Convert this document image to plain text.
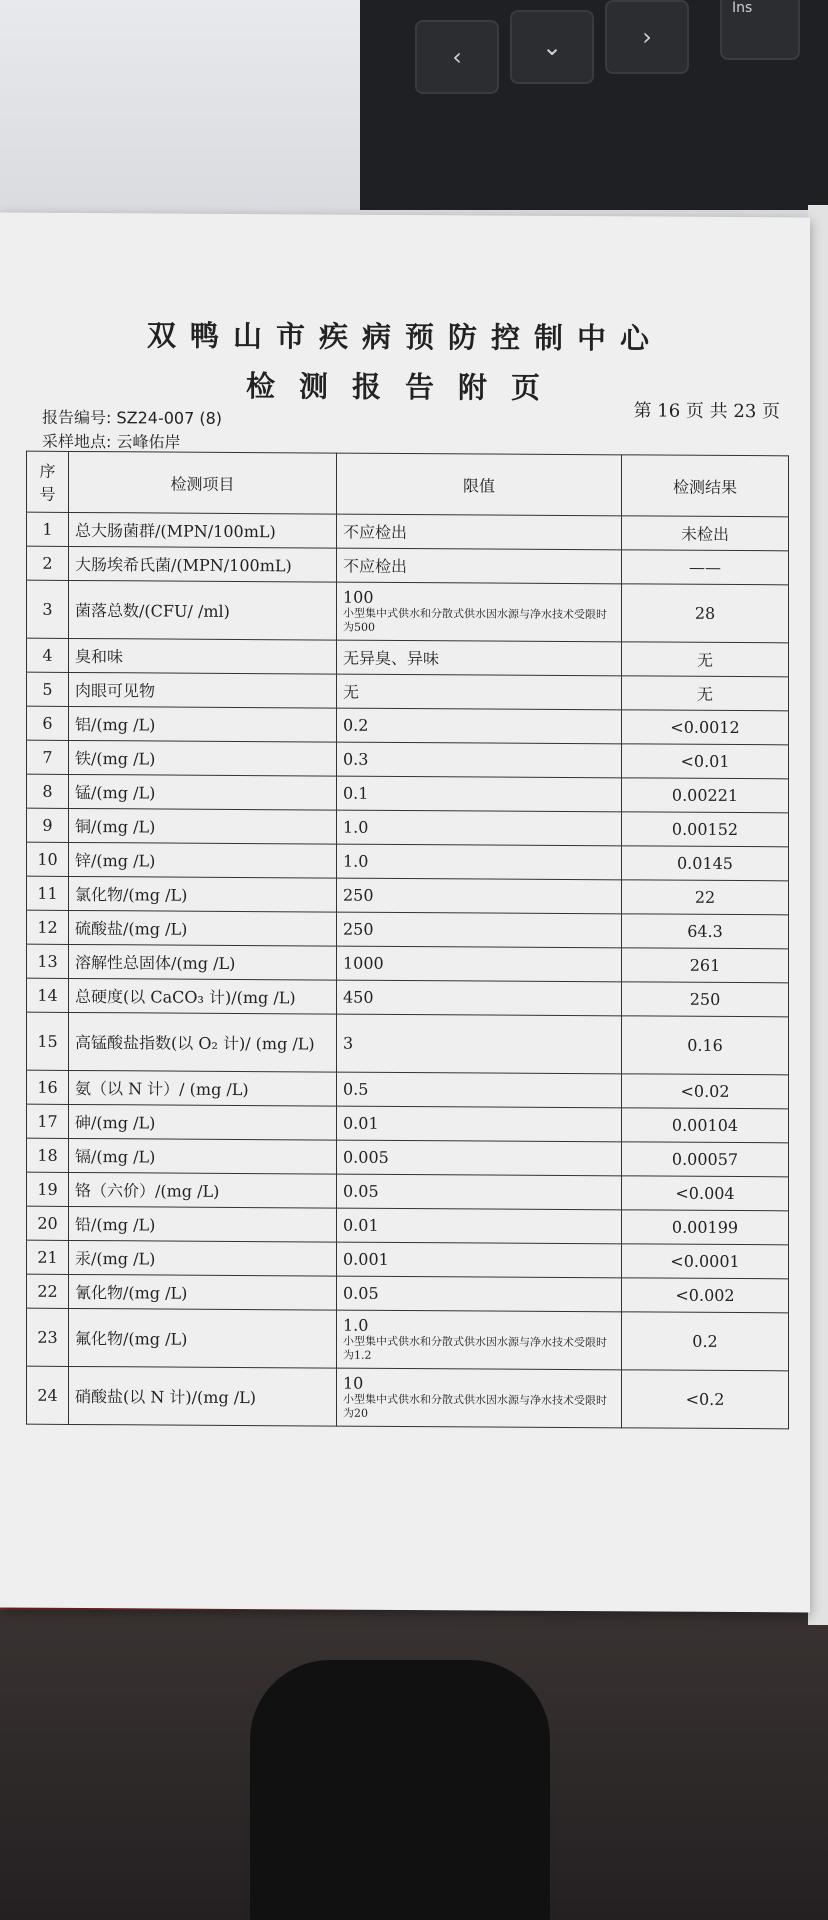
‹	⌄	›
Ins
双鸭山市疾病预防控制中心
检测报告附页
报告编号: SZ24-007 (8)	第 16 页 共 23 页
采样地点: 云峰佑岸
序号	检测项目	限值	检测结果
1	总大肠菌群/(MPN/100mL)	不应检出	未检出
2	大肠埃希氏菌/(MPN/100mL)	不应检出	——
3	菌落总数/(CFU/ /ml)	100
小型集中式供水和分散式供水因水源与净水技术受限时为500	28
4	臭和味	无异臭、异味	无
5	肉眼可见物	无	无
6	铝/(mg /L)	0.2	<0.0012
7	铁/(mg /L)	0.3	<0.01
8	锰/(mg /L)	0.1	0.00221
9	铜/(mg /L)	1.0	0.00152
10	锌/(mg /L)	1.0	0.0145
11	氯化物/(mg /L)	250	22
12	硫酸盐/(mg /L)	250	64.3
13	溶解性总固体/(mg /L)	1000	261
14	总硬度(以 CaCO₃ 计)/(mg /L)	450	250
15	高锰酸盐指数(以 O₂ 计)/ (mg /L)	3	0.16
16	氨（以 N 计）/ (mg /L)	0.5	<0.02
17	砷/(mg /L)	0.01	0.00104
18	镉/(mg /L)	0.005	0.00057
19	铬（六价）/(mg /L)	0.05	<0.004
20	铅/(mg /L)	0.01	0.00199
21	汞/(mg /L)	0.001	<0.0001
22	氰化物/(mg /L)	0.05	<0.002
23	氟化物/(mg /L)	1.0
小型集中式供水和分散式供水因水源与净水技术受限时为1.2	0.2
24	硝酸盐(以 N 计)/(mg /L)	10
小型集中式供水和分散式供水因水源与净水技术受限时为20	<0.2
